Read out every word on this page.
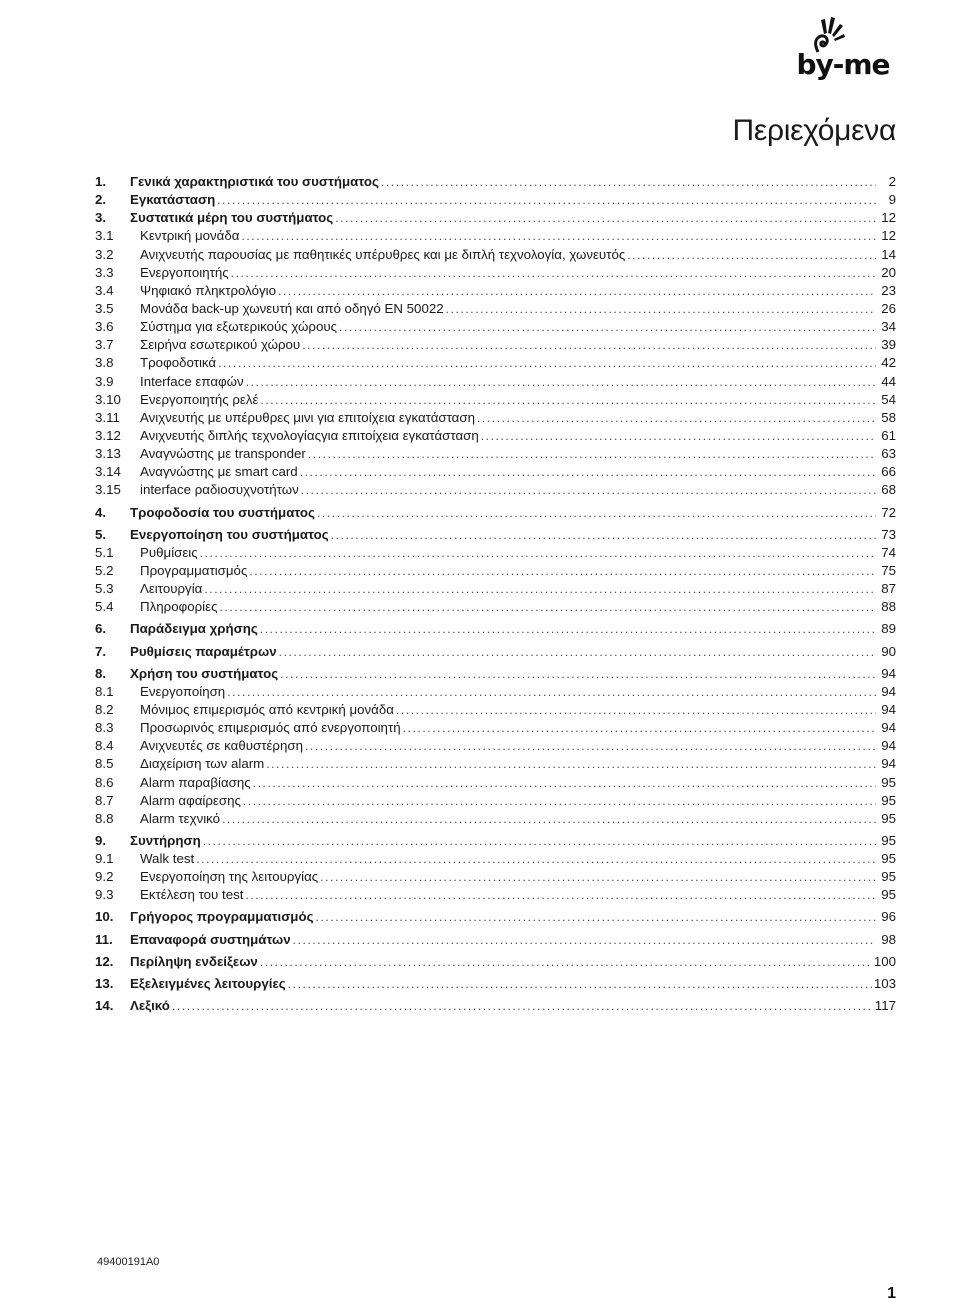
by-me
Περιεχόμενα
1.	Γενικά χαρακτηριστικά του συστήματος .....	2
2.	Εγκατάσταση .....	9
3.	Συστατικά μέρη του συστήματος .....	12
3.1	Κεντρική μονάδα .....	12
3.2	Ανιχνευτής παρουσίας με παθητικές υπέρυθρες και με διπλή τεχνολογία, χωνευτός .....	14
3.3	Ενεργοποιητής .....	20
3.4	Ψηφιακό πληκτρολόγιο .....	23
3.5	Μονάδα back-up χωνευτή και από οδηγό EN 50022 .....	26
3.6	Σύστημα για εξωτερικούς χώρους .....	34
3.7	Σειρήνα εσωτερικού χώρου .....	39
3.8	Τροφοδοτικά .....	42
3.9	Interface επαφών .....	44
3.10	Ενεργοποιητής ρελέ .....	54
3.11	Ανιχνευτής με υπέρυθρες μινι για επιτοίχεια εγκατάσταση .....	58
3.12	Ανιχνευτής διπλής τεχνολογίαςγια επιτοίχεια εγκατάσταση .....	61
3.13	Αναγνώστης με transponder .....	63
3.14	Αναγνώστης με smart card .....	66
3.15	interface ραδιοσυχνοτήτων .....	68
4.	Τροφοδοσία του συστήματος .....	72
5.	Ενεργοποίηση του συστήματος .....	73
5.1	Ρυθμίσεις .....	74
5.2	Προγραμματισμός .....	75
5.3	Λειτουργία .....	87
5.4	Πληροφορίες .....	88
6.	Παράδειγμα χρήσης .....	89
7.	Ρυθμίσεις παραμέτρων .....	90
8.	Χρήση του συστήματος .....	94
8.1	Ενεργοποίηση .....	94
8.2	Μόνιμος επιμερισμός από κεντρική μονάδα .....	94
8.3	Προσωρινός επιμερισμός από ενεργοποιητή .....	94
8.4	Ανιχνευτές σε καθυστέρηση .....	94
8.5	Διαχείριση των alarm .....	94
8.6	Alarm παραβίασης .....	95
8.7	Alarm αφαίρεσης .....	95
8.8	Alarm τεχνικό .....	95
9.	Συντήρηση .....	95
9.1	Walk test .....	95
9.2	Ενεργοποίηση της λειτουργίας .....	95
9.3	Εκτέλεση του test .....	95
10.	Γρήγορος προγραμματισμός .....	96
11.	Επαναφορά συστημάτων .....	98
12.	Περίληψη ενδείξεων .....	100
13.	Εξελειγμένες λειτουργίες .....	103
14.	Λεξικό .....	117
49400191A0
1
